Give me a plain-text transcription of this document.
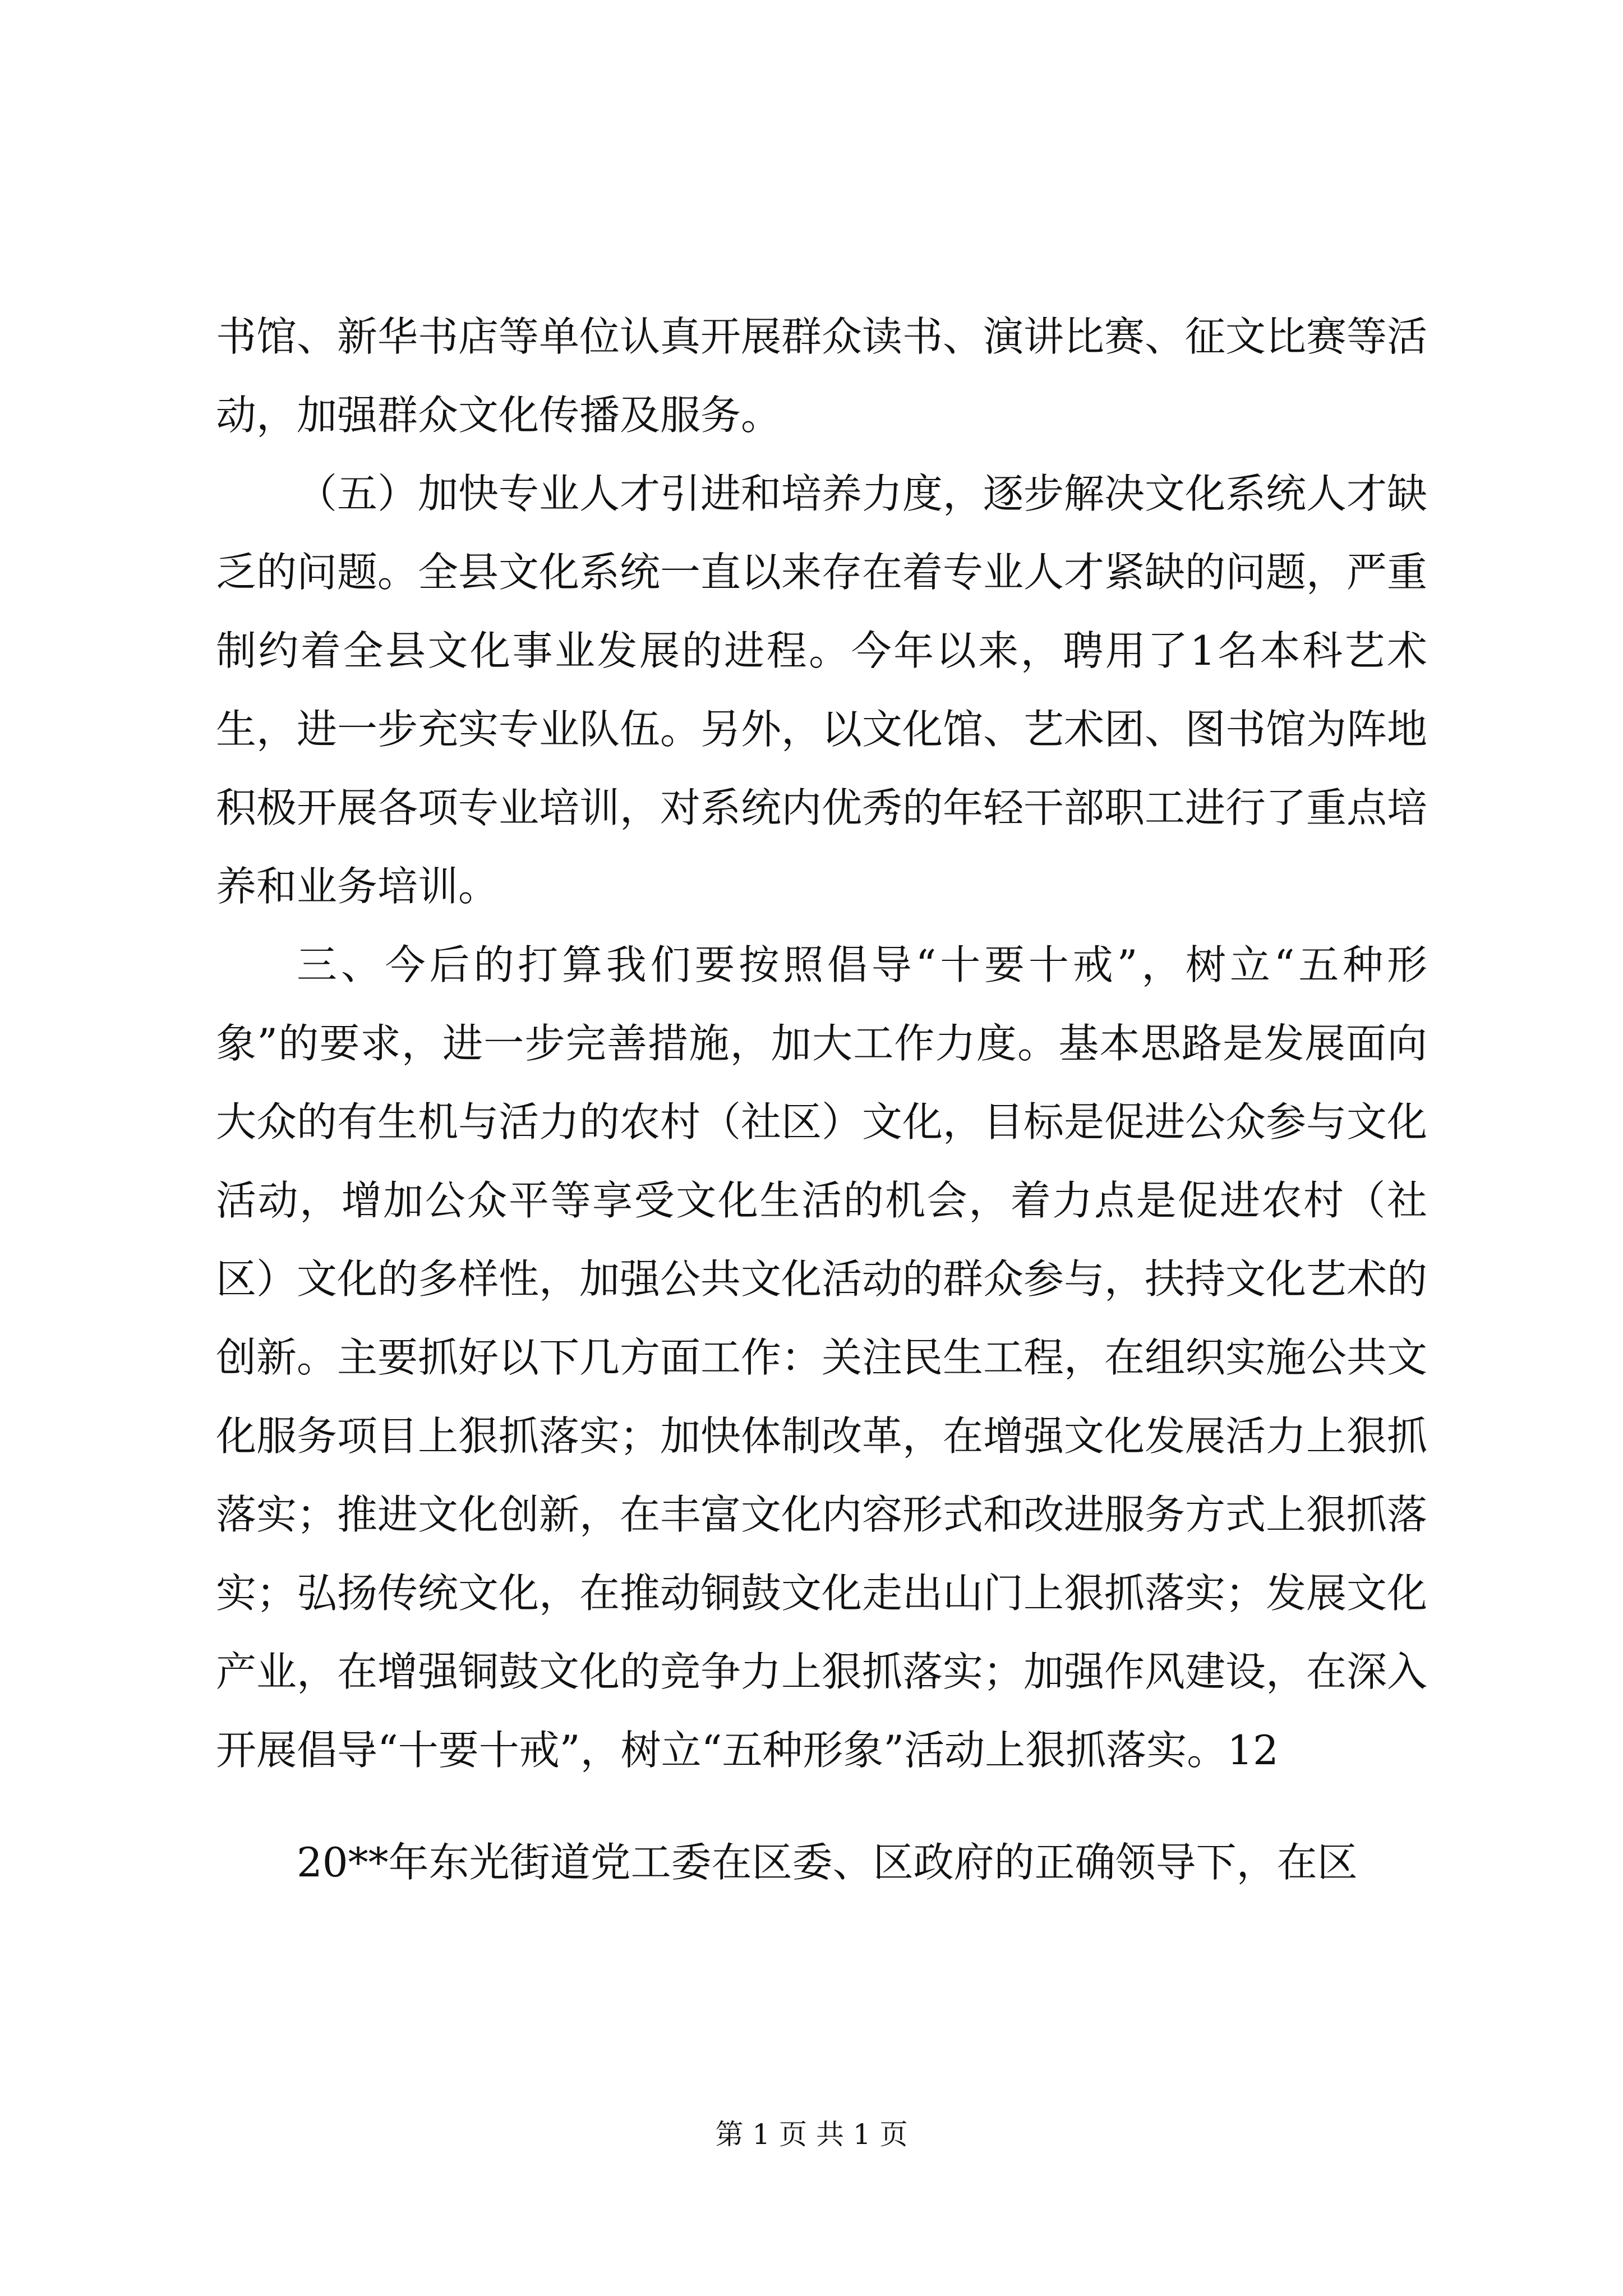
书馆、新华书店等单位认真开展群众读书、演讲比赛、征文比赛等活动，加强群众文化传播及服务。

（五）加快专业人才引进和培养力度，逐步解决文化系统人才缺乏的问题。全县文化系统一直以来存在着专业人才紧缺的问题，严重制约着全县文化事业发展的进程。今年以来，聘用了1名本科艺术生，进一步充实专业队伍。另外，以文化馆、艺术团、图书馆为阵地积极开展各项专业培训，对系统内优秀的年轻干部职工进行了重点培养和业务培训。

三、今后的打算我们要按照倡导“十要十戒”，树立“五种形象”的要求，进一步完善措施，加大工作力度。基本思路是发展面向大众的有生机与活力的农村（社区）文化，目标是促进公众参与文化活动，增加公众平等享受文化生活的机会，着力点是促进农村（社区）文化的多样性，加强公共文化活动的群众参与，扶持文化艺术的创新。主要抓好以下几方面工作：关注民生工程，在组织实施公共文化服务项目上狠抓落实；加快体制改革，在增强文化发展活力上狠抓落实；推进文化创新，在丰富文化内容形式和改进服务方式上狠抓落实；弘扬传统文化，在推动铜鼓文化走出山门上狠抓落实；发展文化产业，在增强铜鼓文化的竞争力上狠抓落实；加强作风建设，在深入开展倡导“十要十戒”，树立“五种形象”活动上狠抓落实。12

20**年东光街道党工委在区委、区政府的正确领导下，在区

第 1 页 共 1 页
